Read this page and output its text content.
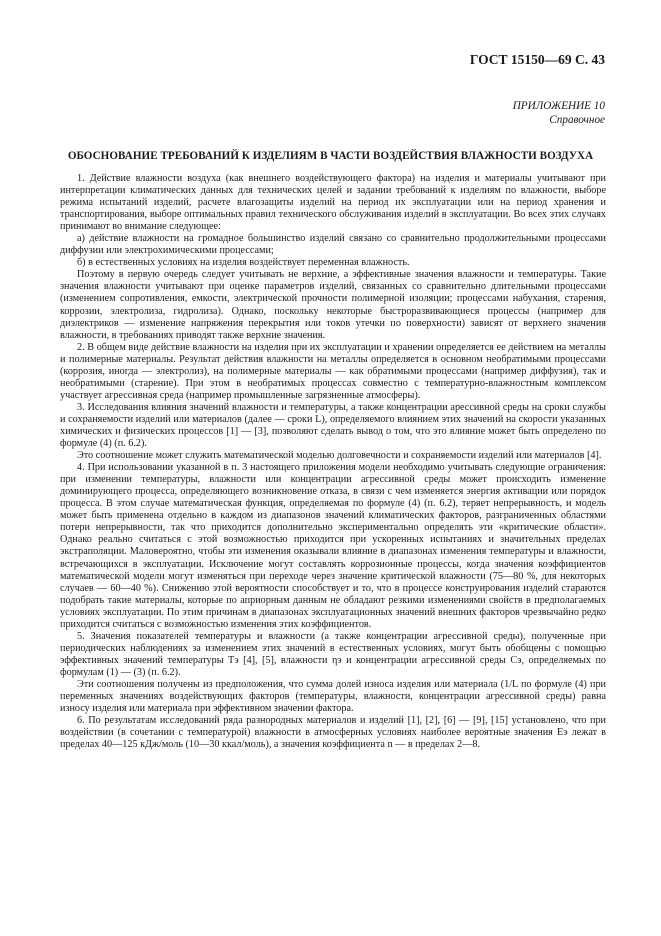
ГОСТ 15150—69 С. 43
ПРИЛОЖЕНИЕ 10
Справочное
ОБОСНОВАНИЕ ТРЕБОВАНИЙ К ИЗДЕЛИЯМ В ЧАСТИ ВОЗДЕЙСТВИЯ ВЛАЖНОСТИ ВОЗДУХА

1. Действие влажности воздуха (как внешнего воздействующего фактора) на изделия и материалы учитывают при интерпретации климатических данных для технических целей и задании требований к изделиям по влажности, выборе режима испытаний изделий, расчете влагозащиты изделий на период их эксплуатации или на период хранения и транспортирования, выборе оптимальных правил технического обслуживания изделий в эксплуатации. Во всех этих случаях принимают во внимание следующее:

а) действие влажности на громадное большинство изделий связано со сравнительно продолжительными процессами диффузии или электрохимическими процессами;

б) в естественных условиях на изделия воздействует переменная влажность.

Поэтому в первую очередь следует учитывать не верхние, а эффективные значения влажности и температуры. Такие значения влажности учитывают при оценке параметров изделий, связанных со сравнительно длительными процессами (изменением сопротивления, емкости, электрической прочности полимерной изоляции; процессами набухания, старения, коррозии, электролиза, гидролиза). Однако, поскольку некоторые быстроразвивающиеся процессы (например для диэлектриков — изменение напряжения перекрытия или токов утечки по поверхности) зависят от верхнего значения влажности, в требованиях приводят также верхние значения.

2. В общем виде действие влажности на изделия при их эксплуатации и хранении определяется ее действием на металлы и полимерные материалы. Результат действия влажности на металлы определяется в основном необратимыми процессами (коррозия, иногда — электролиз), на полимерные материалы — как обратимыми процессами (например диффузия), так и необратимыми (старение). При этом в необратимых процессах совместно с температурно-влажностным комплексом участвует агрессивная среда (например промышленные загрязненные атмосферы).

3. Исследования влияния значений влажности и температуры, а также концентрации арессивной среды на сроки службы и сохраняемости изделий или материалов (далее — сроки L), определяемого влиянием этих значений на скорости указанных химических и физических процессов [1] — [3], позволяют сделать вывод о том, что это влияние может быть определено по формуле (4) (п. 6.2).

Это соотношение может служить математической моделью долговечности и сохраняемости изделий или материалов [4].

4. При использовании указанной в п. 3 настоящего приложения модели необходимо учитывать следующие ограничения: при изменении температуры, влажности или концентрации агрессивной среды может происходить изменение доминирующего процесса, определяющего возникновение отказа, в связи с чем изменяется энергия активации или порядок процесса. В этом случае математическая функция, определяемая по формуле (4) (п. 6.2), теряет непрерывность, и модель может быть применена отдельно в каждом из диапазонов значений климатических факторов, разграниченных областями потери непрерывности, так что приходится дополнительно экспериментально определять эти «критические области». Однако реально считаться с этой возможностью приходится при ускоренных испытаниях и значительных пределах экстраполяции. Маловероятно, чтобы эти изменения оказывали влияние в диапазонах изменения температуры и влажности, встречающихся в эксплуатации. Исключение могут составлять коррозионные процессы, когда значения коэффициентов математической модели могут изменяться при переходе через значение критической влажности (75—80 %, для некоторых случаев — 60—40 %). Снижению этой вероятности способствует и то, что в процессе конструирования изделий стараются подобрать такие материалы, которые по априорным данным не обладают резкими изменениями свойств в предполагаемых условиях эксплуатации. По этим причинам в диапазонах эксплуатационных значений внешних факторов чрезвычайно редко приходится считаться с возможностью изменения этих коэффициентов.

5. Значения показателей температуры и влажности (а также концентрации агрессивной среды), полученные при периодических наблюдениях за изменением этих значений в естественных условиях, могут быть обобщены с помощью эффективных значений температуры Tэ [4], [5], влажности ηэ и концентрации агрессивной среды Cэ, определяемых по формулам (1) — (3) (п. 6.2).

Эти соотношения получены из предположения, что сумма долей износа изделия или материала (1/L по формуле (4) при переменных значениях воздействующих факторов (температуры, влажности, концентрации агрессивной среды) равна износу изделия или материала при эффективном значении фактора.

6. По результатам исследований ряда разнородных материалов и изделий [1], [2], [6] — [9], [15] установлено, что при воздействии (в сочетании с температурой) влажности в атмосферных условиях наиболее вероятные значения Eэ лежат в пределах 40—125 кДж/моль (10—30 ккал/моль), а значения коэффициента n — в пределах 2—8.
